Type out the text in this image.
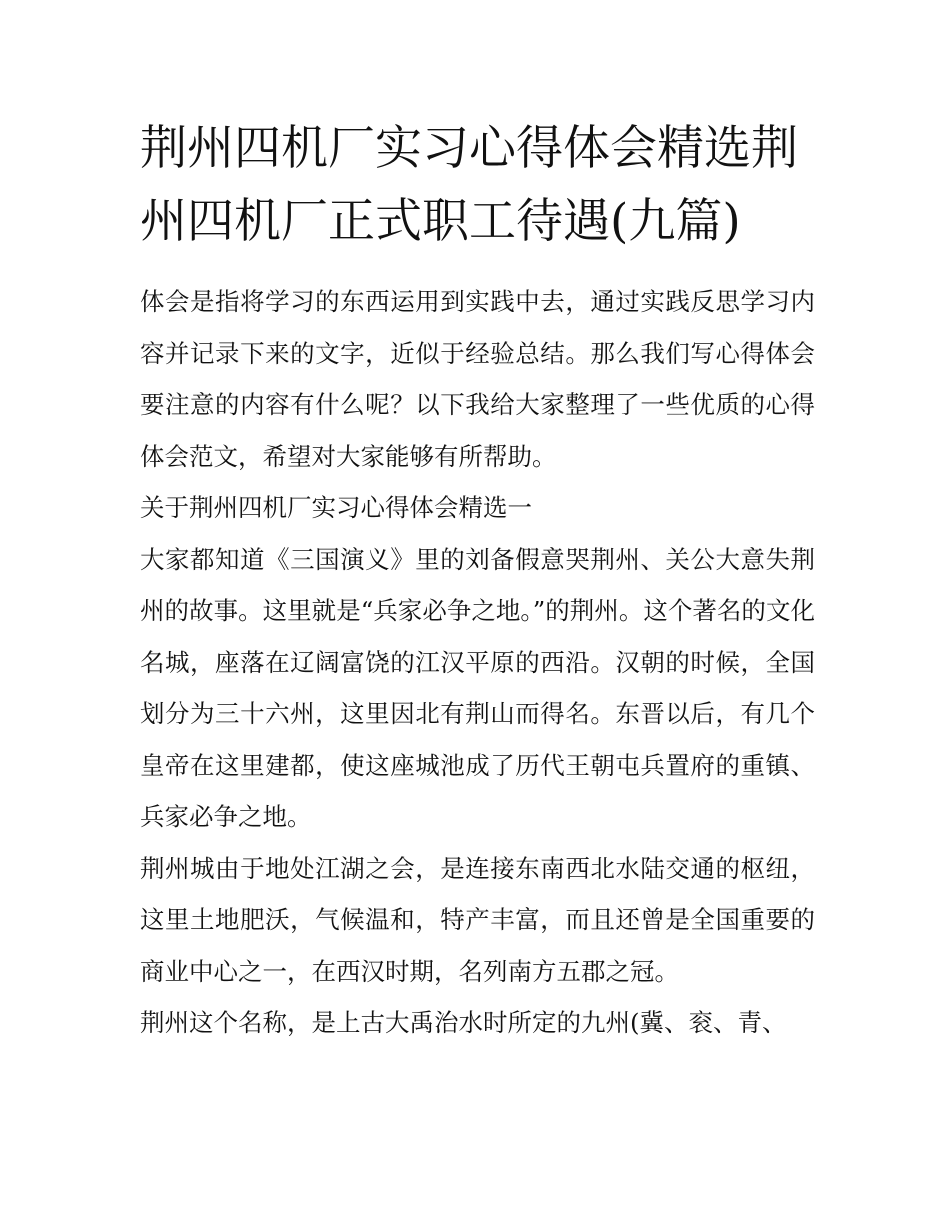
荆州四机厂实习心得体会精选荆州四机厂正式职工待遇(九篇)

体会是指将学习的东西运用到实践中去，通过实践反思学习内容并记录下来的文字，近似于经验总结。那么我们写心得体会要注意的内容有什么呢？以下我给大家整理了一些优质的心得体会范文，希望对大家能够有所帮助。

关于荆州四机厂实习心得体会精选一

大家都知道《三国演义》里的刘备假意哭荆州、关公大意失荆州的故事。这里就是“兵家必争之地。”的荆州。这个著名的文化名城，座落在辽阔富饶的江汉平原的西沿。汉朝的时候，全国划分为三十六州，这里因北有荆山而得名。东晋以后，有几个皇帝在这里建都，使这座城池成了历代王朝屯兵置府的重镇、兵家必争之地。

荆州城由于地处江湖之会，是连接东南西北水陆交通的枢纽，这里土地肥沃，气候温和，特产丰富，而且还曾是全国重要的商业中心之一，在西汉时期，名列南方五郡之冠。

荆州这个名称，是上古大禹治水时所定的九州(冀、衮、青、
